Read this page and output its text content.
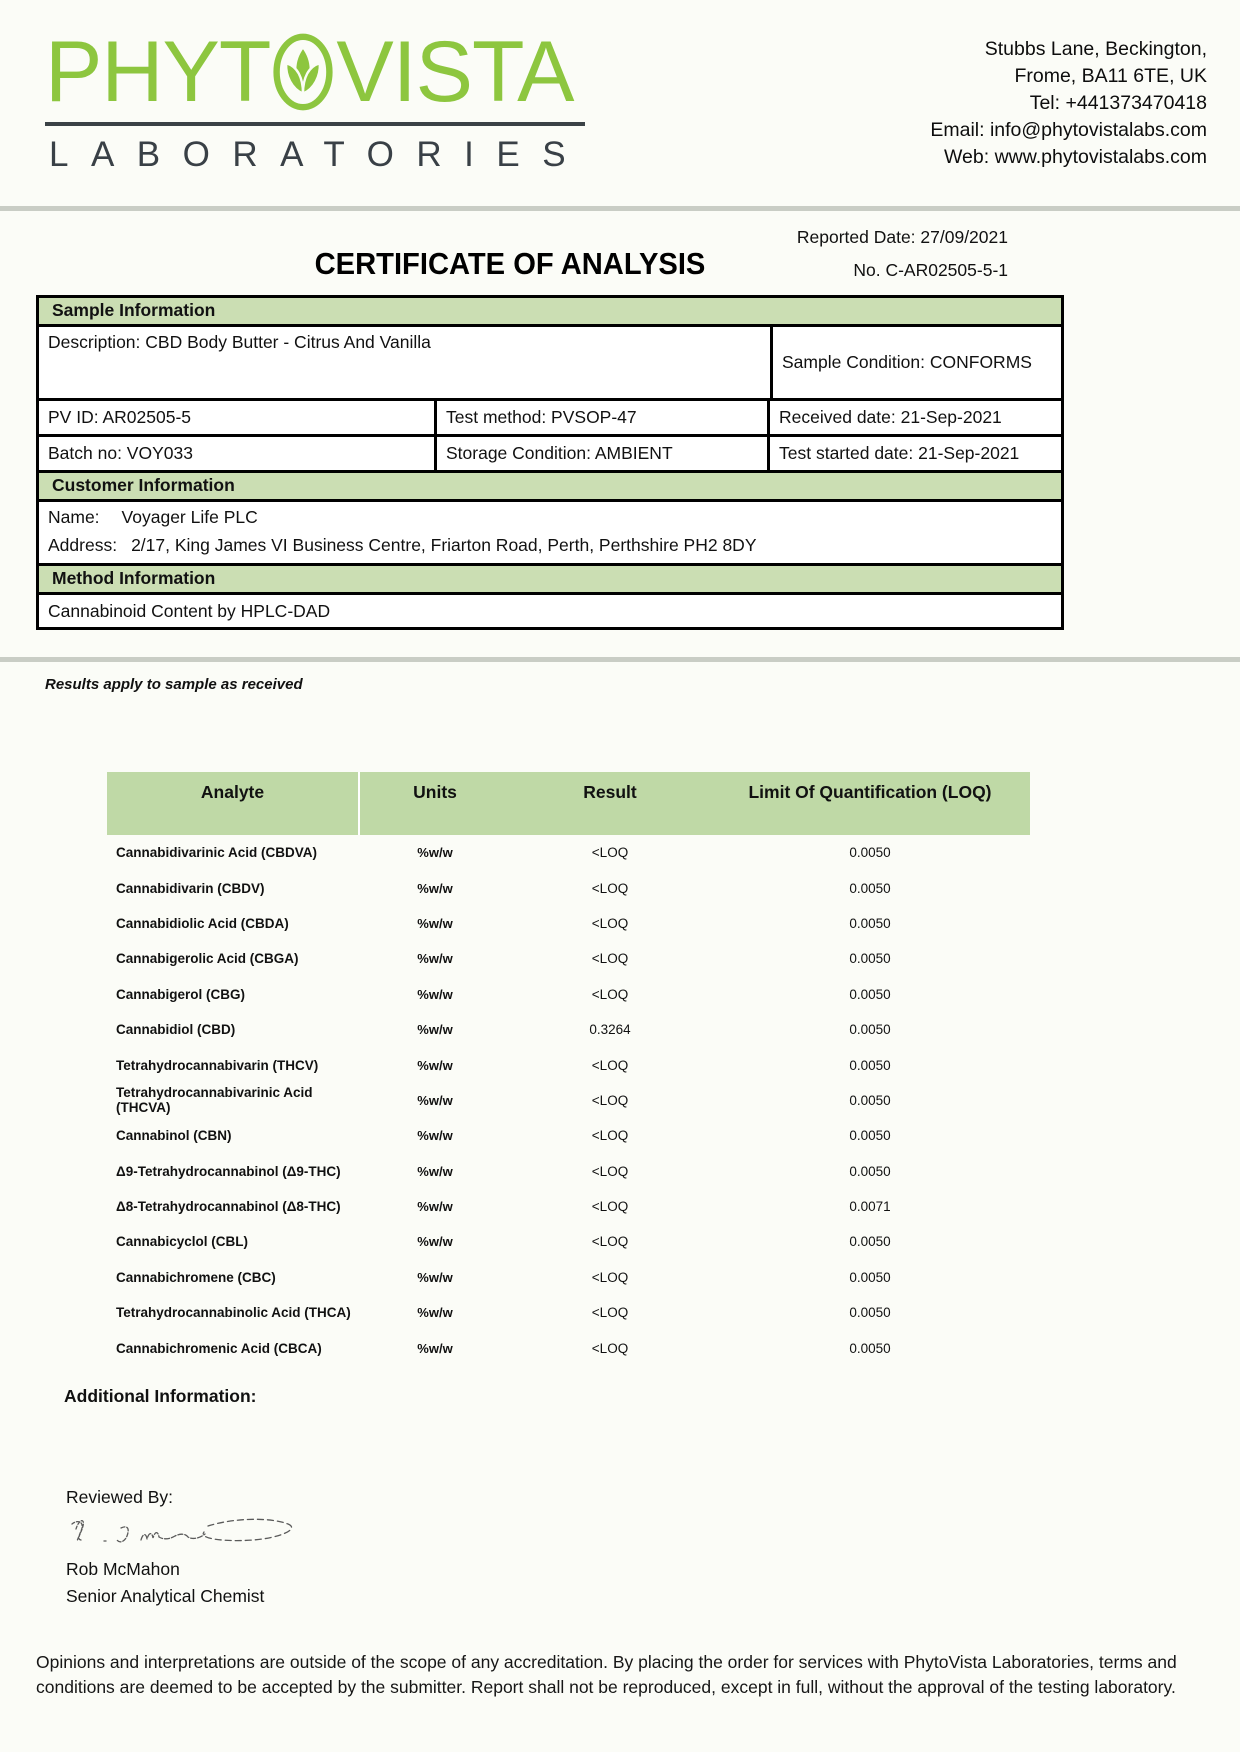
PHYT VISTA
LABORATORIES
Stubbs Lane, Beckington,
Frome, BA11 6TE, UK
Tel: +441373470418
Email: info@phytovistalabs.com
Web: www.phytovistalabs.com
Reported Date: 27/09/2021
CERTIFICATE OF ANALYSIS	No. C-AR02505-5-1
Sample Information
Description: CBD Body Butter - Citrus And Vanilla
Sample Condition: CONFORMS
PV ID: AR02505-5	Test method: PVSOP-47	Received date: 21-Sep-2021
Batch no: VOY033	Storage Condition: AMBIENT	Test started date: 21-Sep-2021
Customer Information
Name: Voyager Life PLC
Address: 2/17, King James VI Business Centre, Friarton Road, Perth, Perthshire PH2 8DY
Method Information
Cannabinoid Content by HPLC-DAD
Results apply to sample as received
Analyte	Units	Result	Limit Of Quantification (LOQ)
Cannabidivarinic Acid (CBDVA)	%w/w	<LOQ	0.0050
Cannabidivarin (CBDV)	%w/w	<LOQ	0.0050
Cannabidiolic Acid (CBDA)	%w/w	<LOQ	0.0050
Cannabigerolic Acid (CBGA)	%w/w	<LOQ	0.0050
Cannabigerol (CBG)	%w/w	<LOQ	0.0050
Cannabidiol (CBD)	%w/w	0.3264	0.0050
Tetrahydrocannabivarin (THCV)	%w/w	<LOQ	0.0050
Tetrahydrocannabivarinic Acid (THCVA)	%w/w	<LOQ	0.0050
Cannabinol (CBN)	%w/w	<LOQ	0.0050
Δ9-Tetrahydrocannabinol (Δ9-THC)	%w/w	<LOQ	0.0050
Δ8-Tetrahydrocannabinol (Δ8-THC)	%w/w	<LOQ	0.0071
Cannabicyclol (CBL)	%w/w	<LOQ	0.0050
Cannabichromene (CBC)	%w/w	<LOQ	0.0050
Tetrahydrocannabinolic Acid (THCA)	%w/w	<LOQ	0.0050
Cannabichromenic Acid (CBCA)	%w/w	<LOQ	0.0050
Additional Information:
Reviewed By:
Rob McMahon
Senior Analytical Chemist
Opinions and interpretations are outside of the scope of any accreditation. By placing the order for services with PhytoVista Laboratories, terms and conditions are deemed to be accepted by the submitter. Report shall not be reproduced, except in full, without the approval of the testing laboratory.
